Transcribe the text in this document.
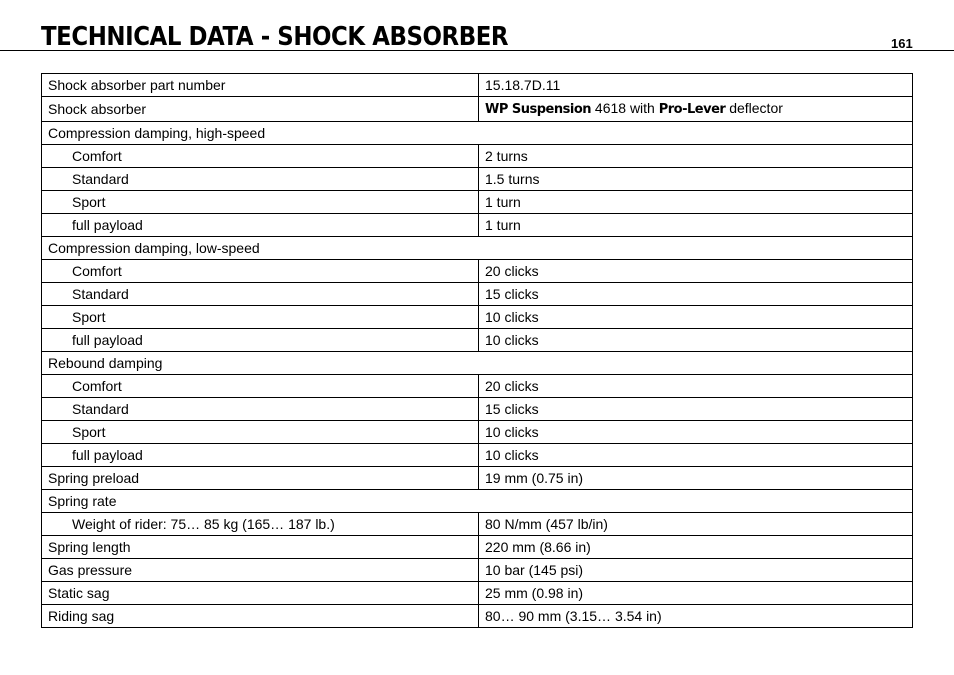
TECHNICAL DATA - SHOCK ABSORBER	161
Shock absorber part number	15.18.7D.11
Shock absorber	WP Suspension 4618 with Pro-Lever deflector
Compression damping, high-speed	
Comfort	2 turns
Standard	1.5 turns
Sport	1 turn
full payload	1 turn
Compression damping, low-speed	
Comfort	20 clicks
Standard	15 clicks
Sport	10 clicks
full payload	10 clicks
Rebound damping	
Comfort	20 clicks
Standard	15 clicks
Sport	10 clicks
full payload	10 clicks
Spring preload	19 mm (0.75 in)
Spring rate	
Weight of rider: 75… 85 kg (165… 187 lb.)	80 N/mm (457 lb/in)
Spring length	220 mm (8.66 in)
Gas pressure	10 bar (145 psi)
Static sag	25 mm (0.98 in)
Riding sag	80… 90 mm (3.15… 3.54 in)
